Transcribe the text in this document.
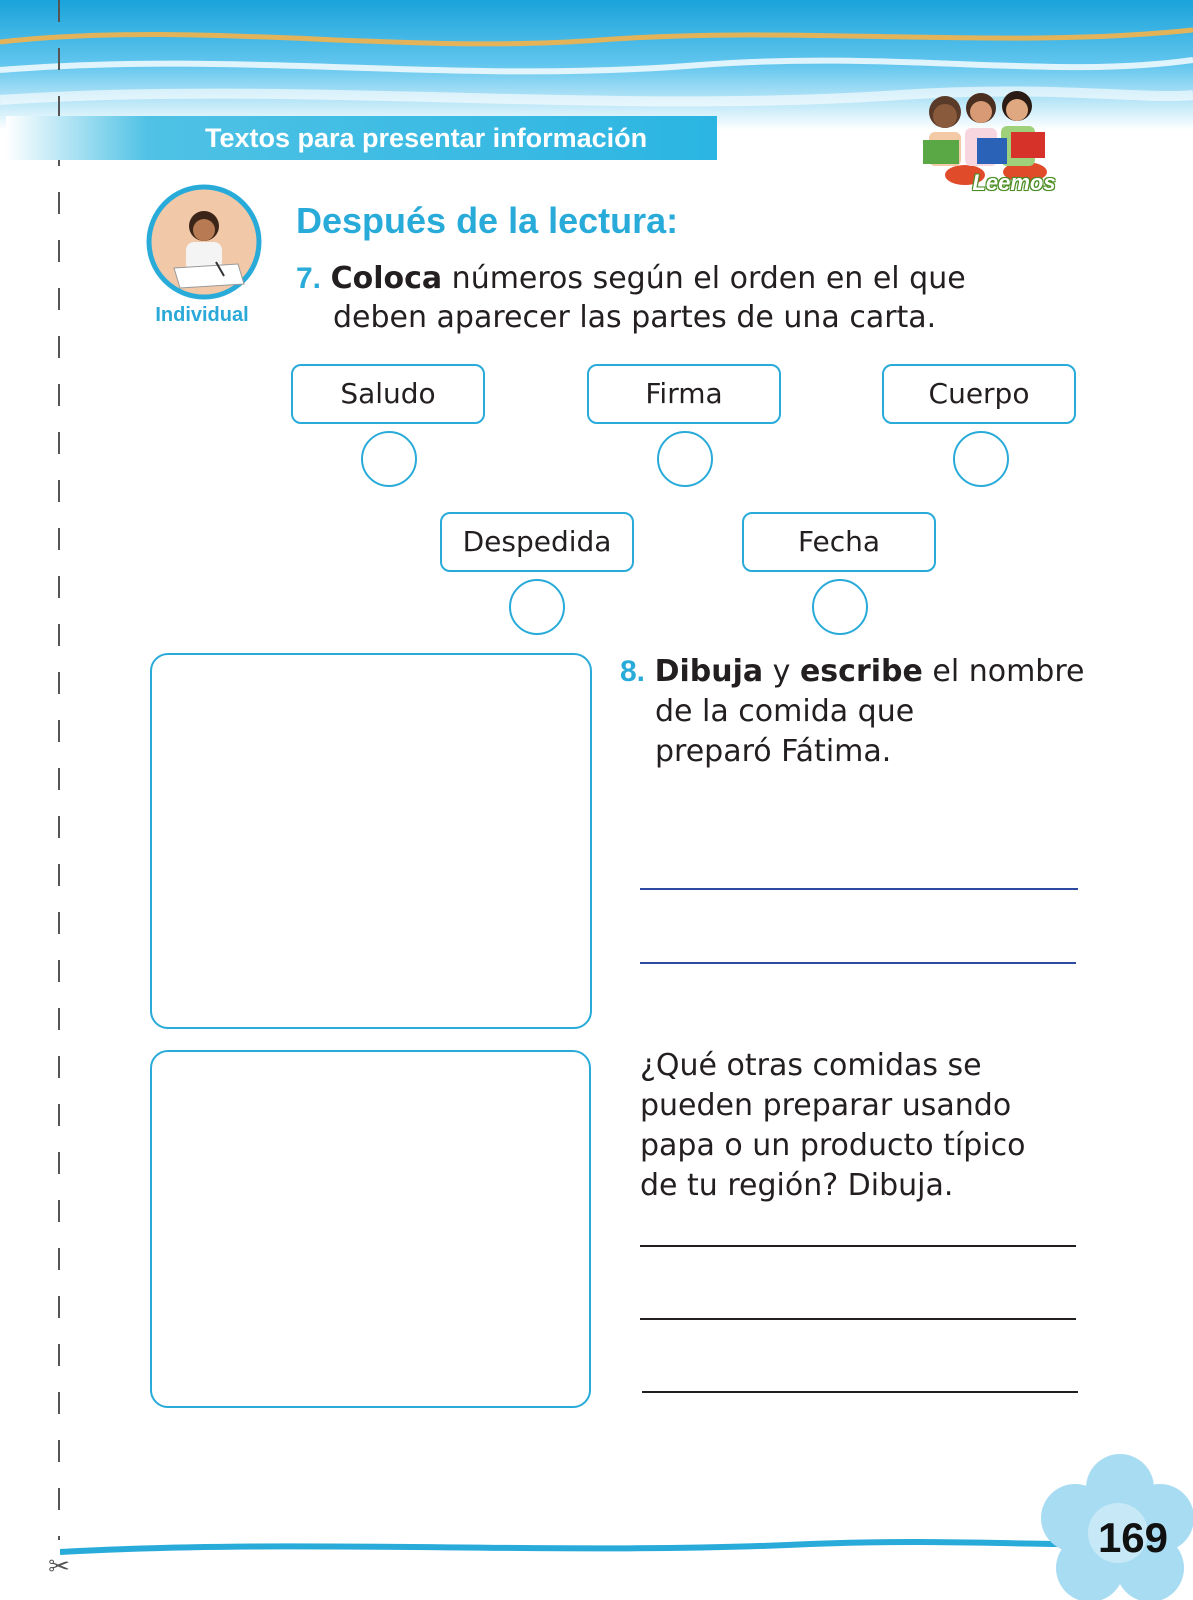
✂
Textos para presentar información
Leemos
Individual
Después de la lectura:
7. Coloca números según el orden en el que
deben aparecer las partes de una carta.
Saludo	Firma	Cuerpo
Despedida	Fecha
8. Dibuja y escribe el nombre
de la comida que
preparó Fátima.
¿Qué otras comidas se
pueden preparar usando
papa o un producto típico
de tu región? Dibuja.
169
